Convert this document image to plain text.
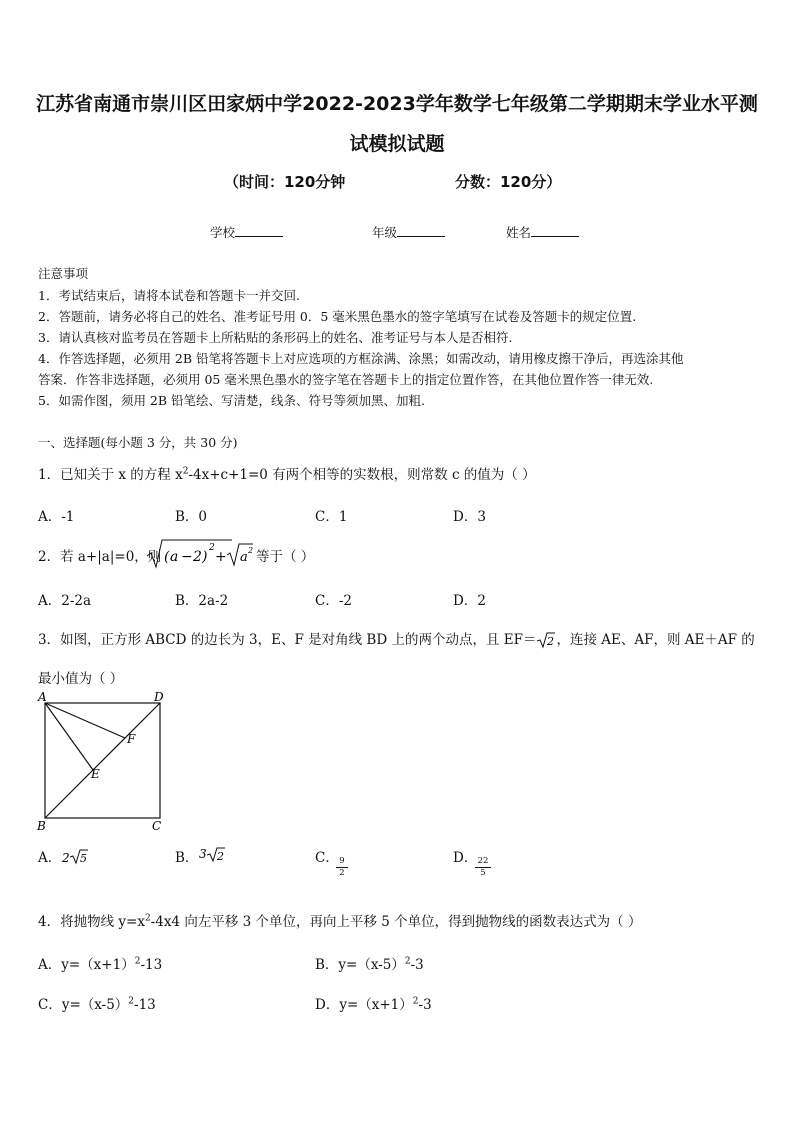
江苏省南通市崇川区田家炳中学2022-2023学年数学七年级第二学期期末学业水平测
试模拟试题
（时间：120分钟	分数：120分）
学校	年级	姓名
注意事项
1．考试结束后，请将本试卷和答题卡一并交回.
2．答题前，请务必将自己的姓名、准考证号用 0．5 毫米黑色墨水的签字笔填写在试卷及答题卡的规定位置.
3．请认真核对监考员在答题卡上所粘贴的条形码上的姓名、准考证号与本人是否相符.
4．作答选择题，必须用 2B 铅笔将答题卡上对应选项的方框涂满、涂黑；如需改动，请用橡皮擦干净后，再选涂其他
答案．作答非选择题，必须用 05 毫米黑色墨水的签字笔在答题卡上的指定位置作答，在其他位置作答一律无效.
5．如需作图，须用 2B 铅笔绘、写清楚，线条、符号等须加黑、加粗.
一、选择题(每小题 3 分，共 30 分)
1．已知关于 x 的方程 $x^2-4x+c+1=0$ 有两个相等的实数根，则常数 c 的值为（ ）
A．-1	B．0	C．1	D．3
2．若 a+|a|=0，则 ( a − 2 )
2
+ a 2 等于（ ）
A．2-2a	B．2a-2	C．-2	D．2
3．如图，正方形 ABCD 的边长为 3，E、F 是对角线 BD 上的两个动点，且 EF＝ 2 ，连接 AE、AF，则 AE＋AF 的
最小值为（ ）
A	D
B	C
F
E
A． 2 5	B． 3 2	C．
$\frac{9}{2}$	D．
$\frac{22}{5}$
4．将抛物线 $y=x^2-4x4$ 向左平移 3 个单位，再向上平移 5 个单位，得到抛物线的函数表达式为（ ）
A．$y=(x+1)^2-13$	B．$y=(x-5)^2-3$
C．$y=(x-5)^2-13$	D．$y=(x+1)^2-3$
